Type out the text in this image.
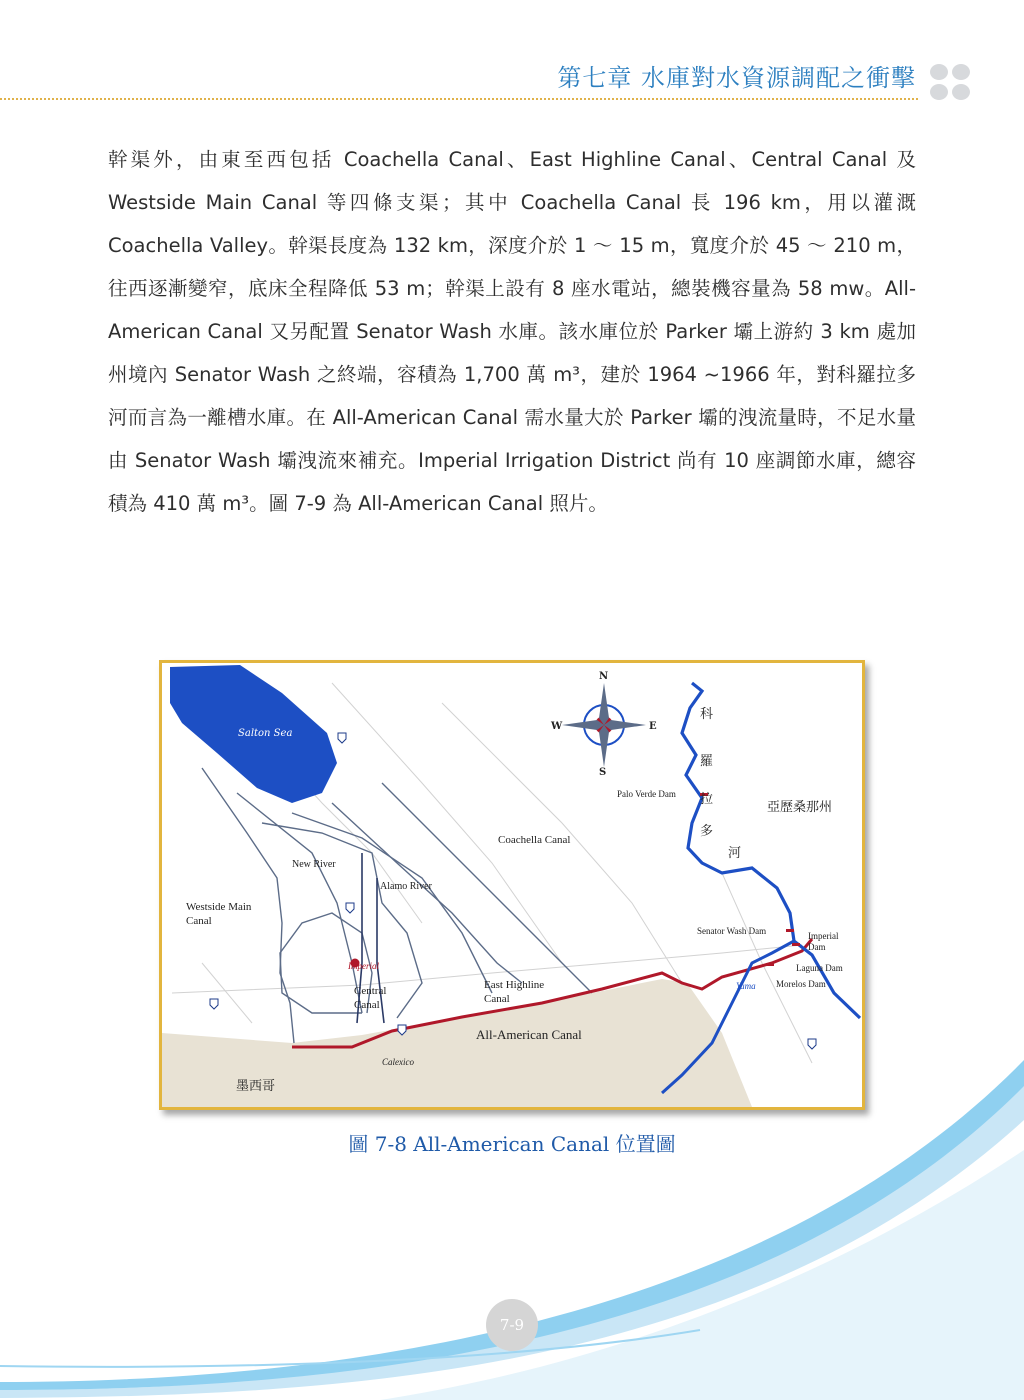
第七章 水庫對水資源調配之衝擊

幹渠外，由東至西包括 Coachella Canal、East Highline Canal、Central Canal 及 Westside Main Canal 等四條支渠；其中 Coachella Canal 長 196 km，用以灌溉 Coachella Valley。幹渠長度為 132 km，深度介於 1 ～ 15 m，寬度介於 45 ～ 210 m，往西逐漸變窄，底床全程降低 53 m；幹渠上設有 8 座水電站，總裝機容量為 58 mw。All-American Canal 又另配置 Senator Wash 水庫。該水庫位於 Parker 壩上游約 3 km 處加州境內 Senator Wash 之終端，容積為 1,700 萬 m³，建於 1964 ~1966 年，對科羅拉多河而言為一離槽水庫。在 All-American Canal 需水量大於 Parker 壩的洩流量時，不足水量由 Senator Wash 壩洩流來補充。Imperial Irrigation District 尚有 10 座調節水庫，總容積為 410 萬 m³。圖 7-9 為 All-American Canal 照片。

Salton Sea
N
S
W	E
科
羅
拉
多
河
亞歷桑那州
墨西哥
Palo Verde Dam
Coachella Canal
New River
Alamo River
Westside Main
Canal
Imperial
Central
Canal
East Highline
Canal
All-American Canal
Calexico
Senator Wash Dam	Imperial
Dam
Laguna Dam
Morelos Dam
Yuma
圖 7-8 All-American Canal 位置圖
7-9
